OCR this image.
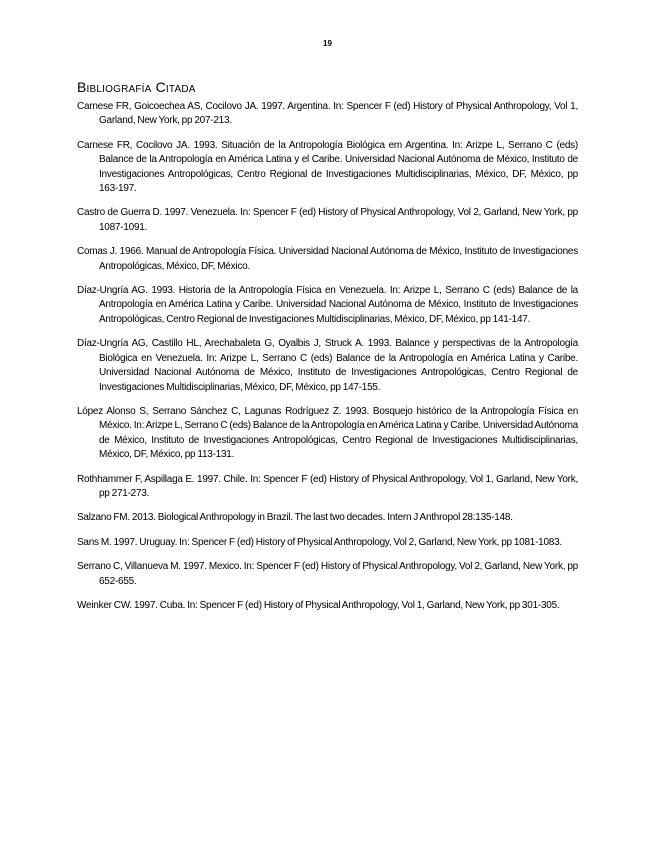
19
Bibliografía Citada
Carnese FR, Goicoechea AS, Cocilovo JA. 1997. Argentina. In: Spencer F (ed) History of Physical Anthropology, Vol 1, Garland, New York, pp 207-213.
Carnese FR, Cocilovo JA. 1993. Situación de la Antropología Biológica em Argentina. In: Arizpe L, Serrano C (eds) Balance de la Antropología en América Latina y el Caribe. Universidad Nacional Autónoma de México, Instituto de Investigaciones Antropológicas, Centro Regional de Investigaciones Multidisciplinarias, México, DF, México, pp 163-197.
Castro de Guerra D. 1997. Venezuela. In: Spencer F (ed) History of Physical Anthropology, Vol 2, Garland, New York, pp 1087-1091.
Comas J. 1966. Manual de Antropología Física. Universidad Nacional Autónoma de México, Instituto de Investigaciones Antropológicas, México, DF, México.
Díaz-Ungría AG. 1993. Historia de la Antropología Física en Venezuela. In: Arizpe L, Serrano C (eds) Balance de la Antropología en América Latina y Caribe. Universidad Nacional Autónoma de México, Instituto de Investigaciones Antropológicas, Centro Regional de Investigaciones Multidisciplinarias, México, DF, México, pp 141-147.
Díaz-Ungría AG, Castillo HL, Arechabaleta G, Oyalbis J, Struck A. 1993. Balance y perspectivas de la Antropología Biológica en Venezuela. In: Arizpe L, Serrano C (eds) Balance de la Antropología en América Latina y Caribe. Universidad Nacional Autónoma de México, Instituto de Investigaciones Antropológicas, Centro Regional de Investigaciones Multidisciplinarias, México, DF, México, pp 147-155.
López Alonso S, Serrano Sánchez C, Lagunas Rodríguez Z. 1993. Bosquejo histórico de la Antropología Física en México. In: Arizpe L, Serrano C (eds) Balance de la Antropología en América Latina y Caribe. Universidad Autónoma de México, Instituto de Investigaciones Antropológicas, Centro Regional de Investigaciones Multidisciplinarias, México, DF, México, pp 113-131.
Rothhammer F, Aspillaga E. 1997. Chile. In: Spencer F (ed) History of Physical Anthropology, Vol 1, Garland, New York, pp 271-273.
Salzano FM. 2013. Biological Anthropology in Brazil. The last two decades. Intern J Anthropol 28:135-148.
Sans M. 1997. Uruguay. In: Spencer F (ed) History of Physical Anthropology, Vol 2, Garland, New York, pp 1081-1083.
Serrano C, Villanueva M. 1997. Mexico. In: Spencer F (ed) History of Physical Anthropology, Vol 2, Garland, New York, pp 652-655.
Weinker CW. 1997. Cuba. In: Spencer F (ed) History of Physical Anthropology, Vol 1, Garland, New York, pp 301-305.
